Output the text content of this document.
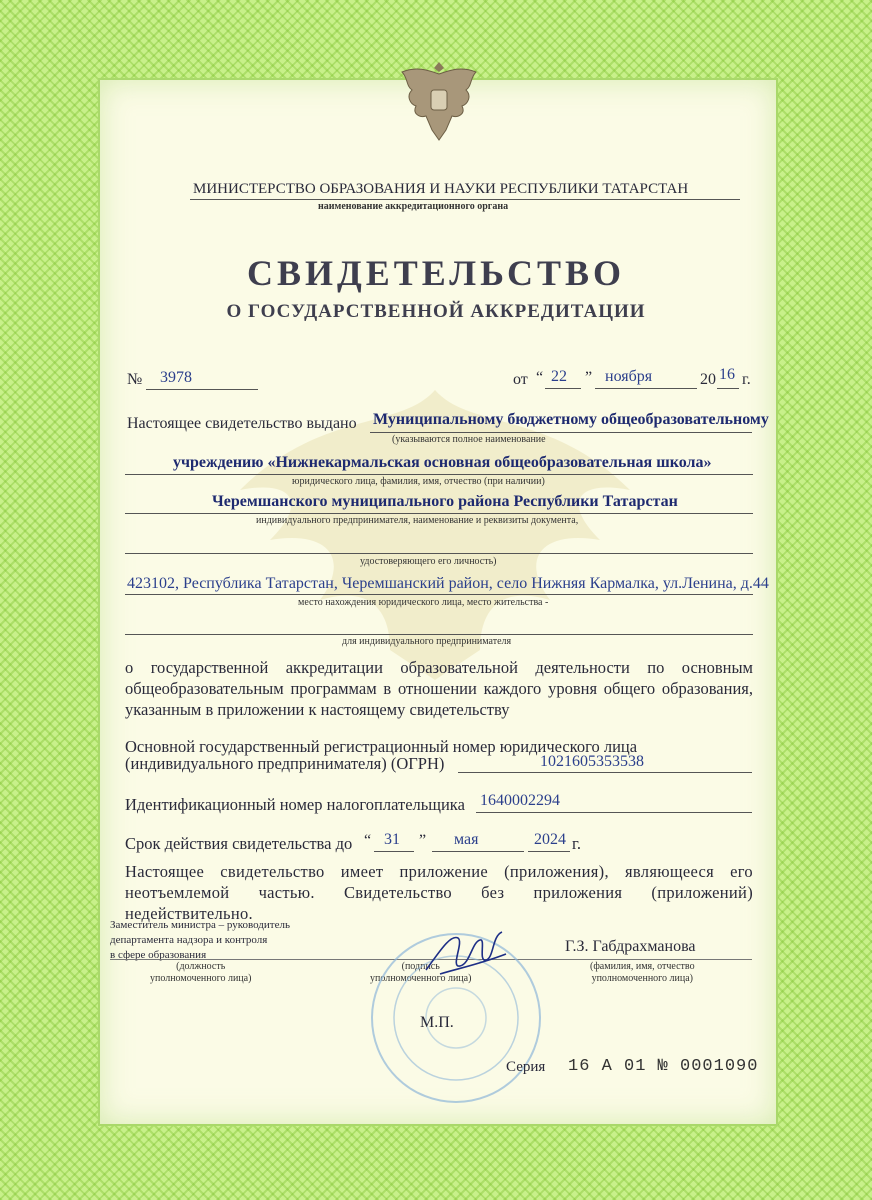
МИНИСТЕРСТВО ОБРАЗОВАНИЯ И НАУКИ РЕСПУБЛИКИ ТАТАРСТАН
наименование аккредитационного органа
СВИДЕТЕЛЬСТВО
О ГОСУДАРСТВЕННОЙ АККРЕДИТАЦИИ
№ 3978	от “ 22 ” ноября	20 16 г.
Настоящее свидетельство выдано Муниципальному бюджетному общеобразовательному
(указываются полное наименование
учреждению «Нижнекармальская основная общеобразовательная школа»
юридического лица, фамилия, имя, отчество (при наличии)
Черемшанского муниципального района Республики Татарстан
индивидуального предпринимателя, наименование и реквизиты документа,
удостоверяющего его личность)
423102, Республика Татарстан, Черемшанский район, село Нижняя Кармалка, ул.Ленина, д.44
место нахождения юридического лица, место жительства -
для индивидуального предпринимателя
о государственной аккредитации образовательной деятельности по основным общеобразовательным программам в отношении каждого уровня общего образования, указанным в приложении к настоящему свидетельству
Основной государственный регистрационный номер юридического лица
(индивидуального предпринимателя) (ОГРН)	1021605353538
Идентификационный номер налогоплательщика 1640002294
Срок действия свидетельства до “ 31 ” мая	2024 г.
Настоящее свидетельство имеет приложение (приложения), являющееся его неотъемлемой частью. Свидетельство без приложения (приложений) недействительно.
Заместитель министра – руководитель
департамента надзора и контроля
в сфере образования
(должность
уполномоченного лица)
(подпись
уполномоченного лица)
Г.З. Габдрахманова
(фамилия, имя, отчество
уполномоченного лица)
М.П.
Серия 16 А 01 № 0001090
